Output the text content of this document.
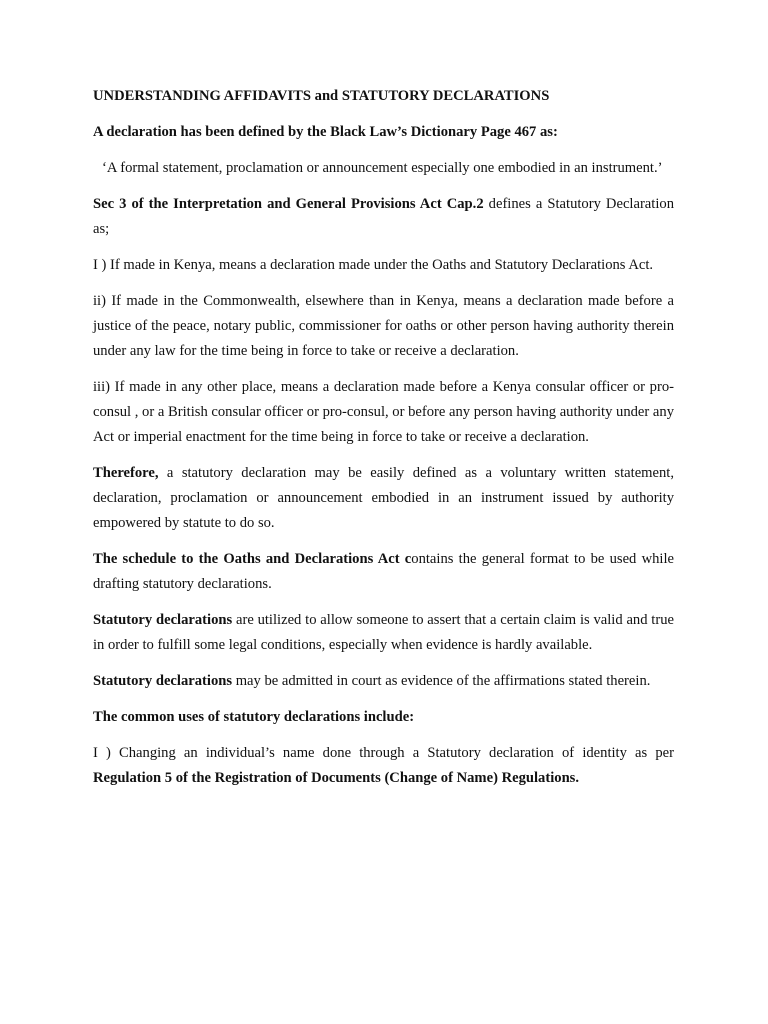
UNDERSTANDING AFFIDAVITS and STATUTORY DECLARATIONS

A declaration has been defined by the Black Law’s Dictionary Page 467 as:

‘A formal statement, proclamation or announcement especially one embodied in an instrument.’

Sec 3 of the Interpretation and General Provisions Act Cap.2 defines a Statutory Declaration as;

I ) If made in Kenya, means a declaration made under the Oaths and Statutory Declarations Act.

ii) If made in the Commonwealth, elsewhere than in Kenya, means a declaration made before a justice of the peace, notary public, commissioner for oaths or other person having authority therein under any law for the time being in force to take or receive a declaration.

iii) If made in any other place, means a declaration made before a Kenya consular officer or pro-consul , or a British consular officer or pro-consul, or before any person having authority under any Act or imperial enactment for the time being in force to take or receive a declaration.

Therefore, a statutory declaration may be easily defined as a voluntary written statement, declaration, proclamation or announcement embodied in an instrument issued by authority empowered by statute to do so.

The schedule to the Oaths and Declarations Act contains the general format to be used while drafting statutory declarations.

Statutory declarations are utilized to allow someone to assert that a certain claim is valid and true in order to fulfill some legal conditions, especially when evidence is hardly available.

Statutory declarations may be admitted in court as evidence of the affirmations stated therein.

The common uses of statutory declarations include:

I ) Changing an individual’s name done through a Statutory declaration of identity as per Regulation 5 of the Registration of Documents (Change of Name) Regulations.
